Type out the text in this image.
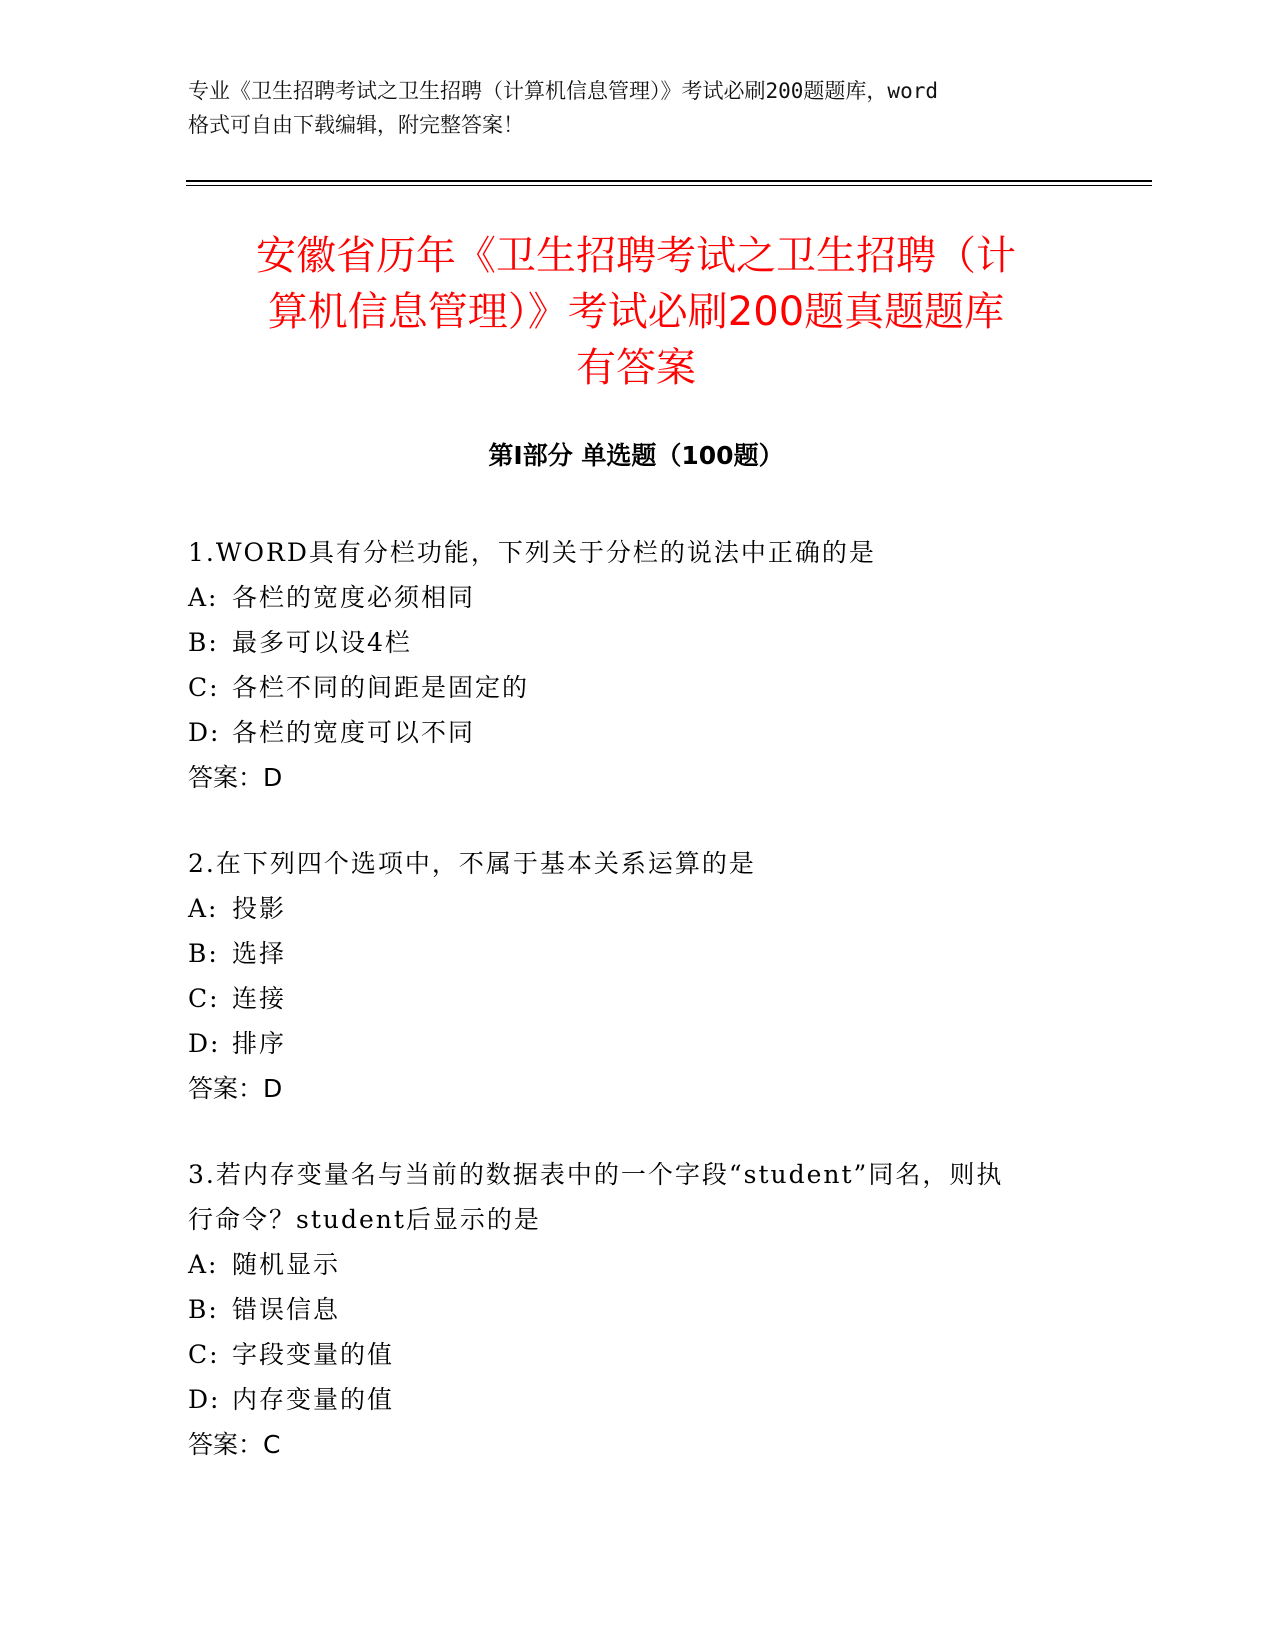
专业《卫生招聘考试之卫生招聘（计算机信息管理）》考试必刷200题题库，word
格式可自由下载编辑，附完整答案！
安徽省历年《卫生招聘考试之卫生招聘（计
算机信息管理）》考试必刷200题真题题库
有答案
第Ⅰ部分 单选题（100题）
1.WORD具有分栏功能，下列关于分栏的说法中正确的是
A: 各栏的宽度必须相同
B: 最多可以设4栏
C: 各栏不同的间距是固定的
D: 各栏的宽度可以不同
答案：D
2.在下列四个选项中，不属于基本关系运算的是
A: 投影
B: 选择
C: 连接
D: 排序
答案：D
3.若内存变量名与当前的数据表中的一个字段“student”同名，则执
行命令？student后显示的是
A: 随机显示
B: 错误信息
C: 字段变量的值
D: 内存变量的值
答案：C
